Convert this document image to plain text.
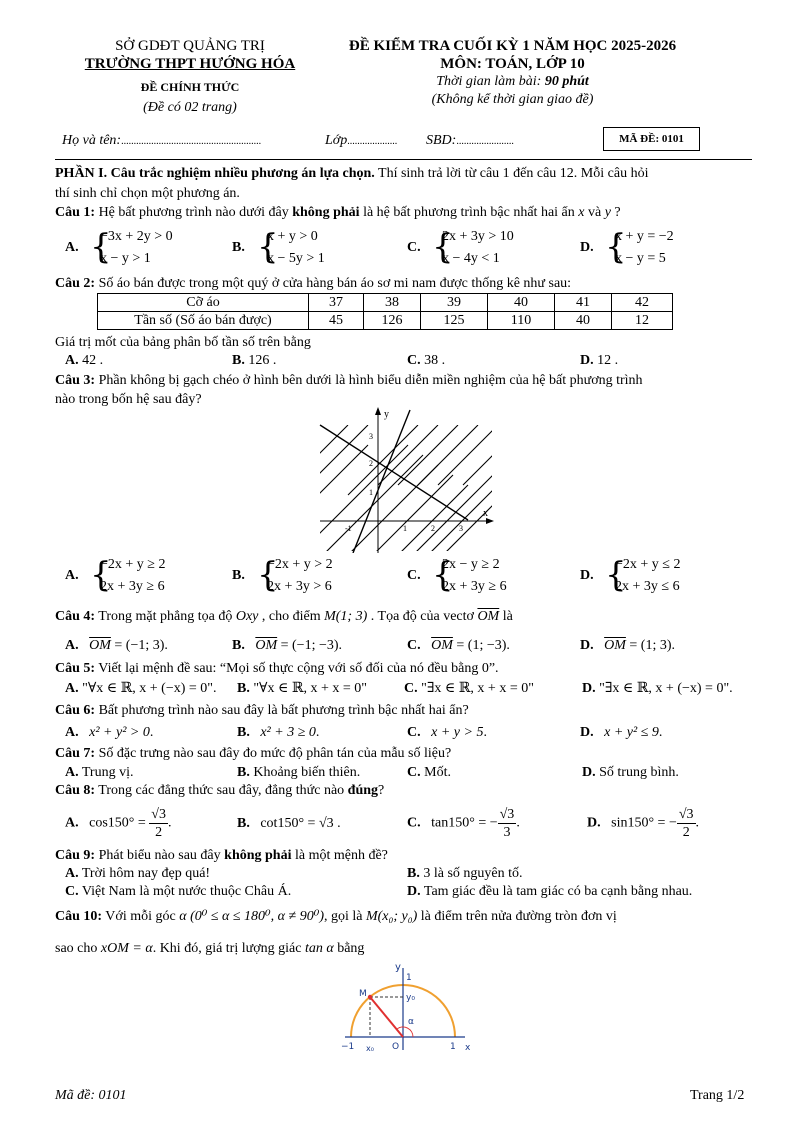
SỞ GDĐT QUẢNG TRỊ
TRƯỜNG THPT HƯỚNG HÓA
ĐỀ CHÍNH THỨC
(Đề có 02 trang)
ĐỀ KIỂM TRA CUỐI KỲ 1 NĂM HỌC 2025-2026
MÔN: TOÁN, LỚP 10
Thời gian làm bài: 90 phút
(Không kể thời gian giao đề)
Họ và tên:........................................................	Lớp.................... SBD:.......................	MÃ ĐỀ: 0101
PHẦN I. Câu trắc nghiệm nhiều phương án lựa chọn. Thí sinh trả lời từ câu 1 đến câu 12. Mỗi câu hỏi
thí sinh chỉ chọn một phương án.
Câu 1: Hệ bất phương trình nào dưới đây không phải là hệ bất phương trình bậc nhất hai ẩn x và y ?
A. {
−3x + 2y > 0
x − y > 1
B. {
x + y > 0
x − 5y > 1
C. {
2x + 3y > 10
x − 4y < 1
D. {
x + y = −2
x − y = 5
Câu 2: Số áo bán được trong một quý ở cửa hàng bán áo sơ mi nam được thống kê như sau:
Cỡ áo	37	38	39	40	41	42
Tần số (Số áo bán được)	45	126	125	110	40	12
Giá trị mốt của bảng phân bố tần số trên bằng
A. 42 .	B. 126 .	C. 38 .	D. 12 .
Câu 3: Phần không bị gạch chéo ở hình bên dưới là hình biểu diễn miền nghiệm của hệ bất phương trình
nào trong bốn hệ sau đây?
y
x
3
2
1
-1	1	2	3
A. {
−2x + y ≥ 2
2x + 3y ≥ 6
B. {
−2x + y > 2
2x + 3y > 6
C. {
2x − y ≥ 2
2x + 3y ≥ 6
D. {
−2x + y ≤ 2
2x + 3y ≤ 6
Câu 4: Trong mặt phẳng tọa độ Oxy , cho điểm M(1; 3) . Tọa độ của vectơ $\overline{OM}$ là
A. $\overline{OM} = (-1$; 3).	B. $\overline{OM} = (-1$; −3).	C. $\overline{OM} = (1$; −3).	D. $\overline{OM} = (1$; 3).
Câu 5: Viết lại mệnh đề sau: “Mọi số thực cộng với số đối của nó đều bằng 0”.
A. "∀x ∈ ℝ, x + (−x) = 0". B. "∀x ∈ ℝ, x + x = 0"	C. "∃x ∈ ℝ, x + x = 0"	D. "∃x ∈ ℝ, x + (−x) = 0".
Câu 6: Bất phương trình nào sau đây là bất phương trình bậc nhất hai ẩn?
A. x² + y² > 0.	B. x² + 3 ≥ 0.	C. x + y > 5.	D. x + y² ≤ 9.
Câu 7: Số đặc trưng nào sau đây đo mức độ phân tán của mẫu số liệu?
A. Trung vị.	B. Khoảng biến thiên.	C. Mốt.	D. Số trung bình.
Câu 8: Trong các đẳng thức sau đây, đẳng thức nào đúng?
A. $\cos 150^\circ = \frac{√3}{2}$ .	B. cot150° = √3 .	C. tan150° = − $\frac{√3}{3}$ .	D. sin150° = − $\frac{√3}{2}$ .
Câu 9: Phát biểu nào sau đây không phải là một mệnh đề?
A. Trời hôm nay đẹp quá!	B. 3 là số nguyên tố.
C. Việt Nam là một nước thuộc Châu Á.	D. Tam giác đều là tam giác có ba cạnh bằng nhau.
Câu 10: Với mỗi góc α (0⁰ ≤ α ≤ 180⁰, α ≠ 90⁰), gọi là M(x₀; y₀) là điểm trên nửa đường tròn đơn vị
sao cho xOM = α. Khi đó, giá trị lượng giác tan α bằng
y
1
M	y₀
α
−1 x₀ O	1 x
Mã đề: 0101	Trang 1/2
